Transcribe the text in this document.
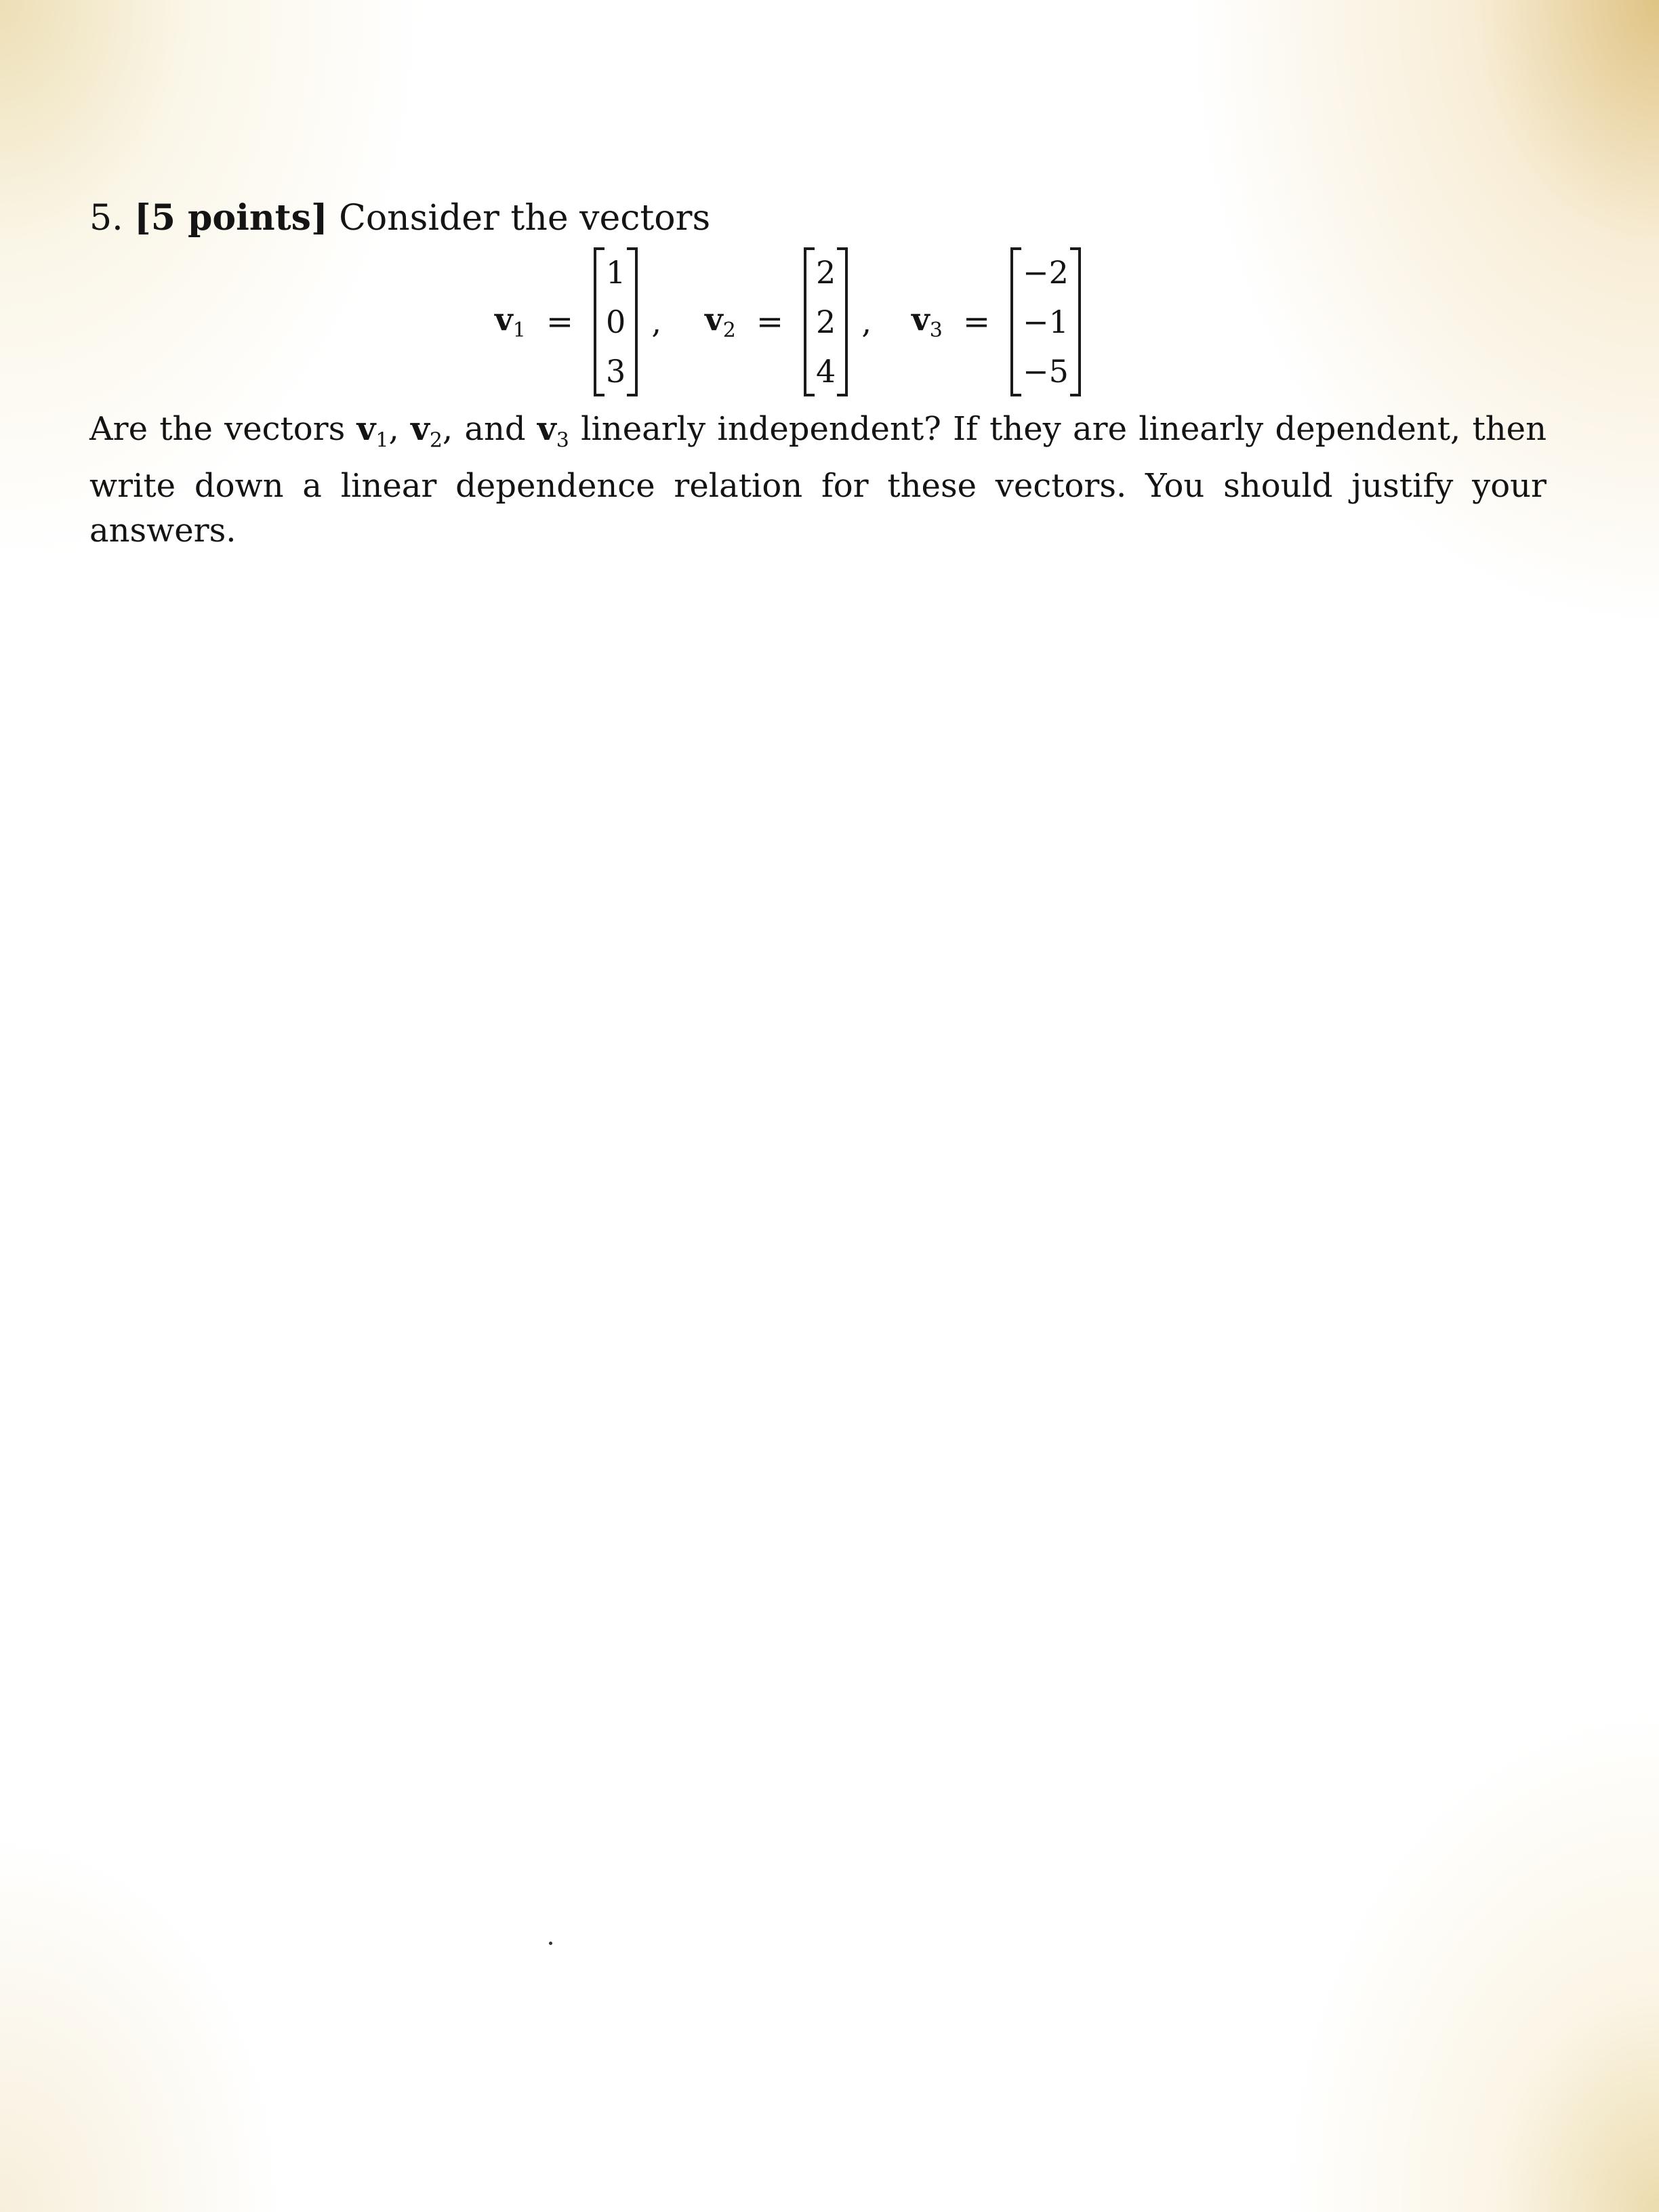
5. [5 points] Consider the vectors
$v_1$ =
1
0
3
, $v_2$ =
2
2
4
, $v_3$ =
−2
−1
−5
Are the vectors $v_1$, $v_2$, and $v_3$ linearly independent? If they are linearly dependent, then write down a linear dependence relation for these vectors. You should justify your answers.
